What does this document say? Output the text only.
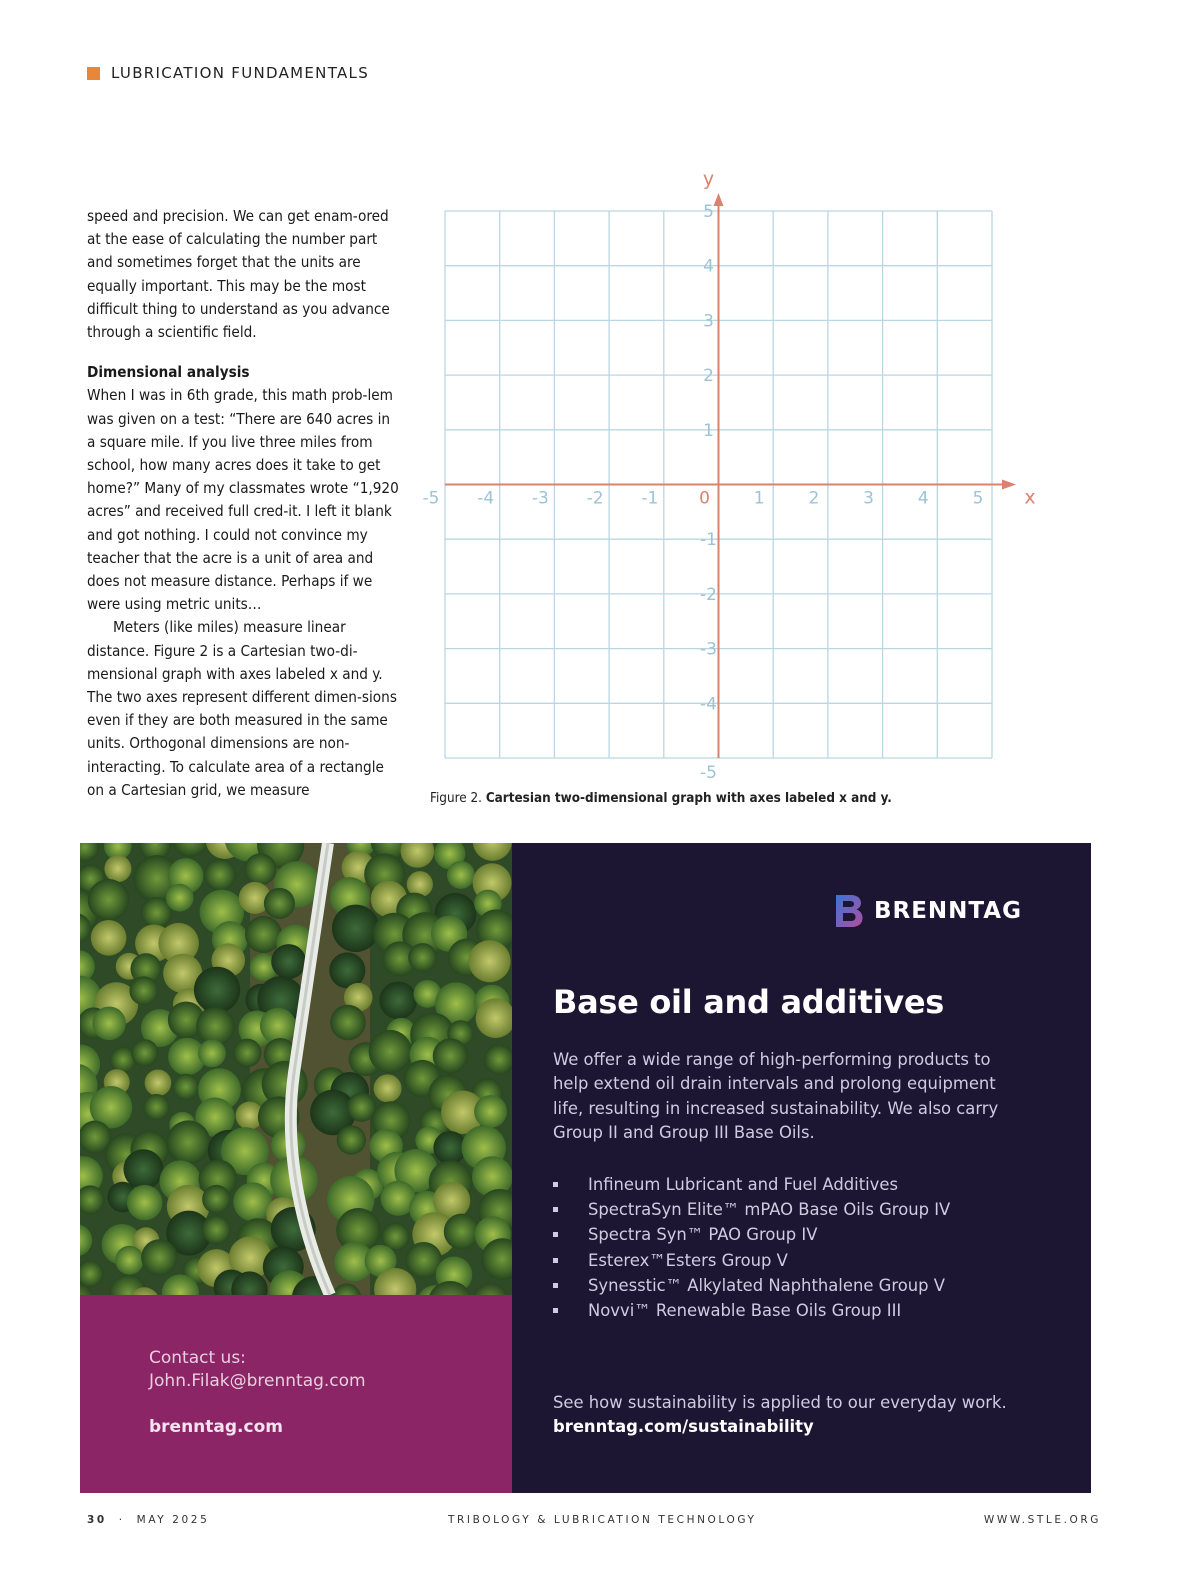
LUBRICATION FUNDAMENTALS

speed and precision. We can get enam-ored at the ease of calculating the number part and sometimes forget that the units are equally important. This may be the most difficult thing to understand as you advance through a scientific field.

Dimensional analysis

When I was in 6th grade, this math prob-lem was given on a test: “There are 640 acres in a square mile. If you live three miles from school, how many acres does it take to get home?” Many of my classmates wrote “1,920 acres” and received full cred-it. I left it blank and got nothing. I could not convince my teacher that the acre is a unit of area and does not measure distance. Perhaps if we were using metric units…

Meters (like miles) measure linear distance. Figure 2 is a Cartesian two-di-mensional graph with axes labeled x and y. The two axes represent different dimen-sions even if they are both measured in the same units. Orthogonal dimensions are non-interacting. To calculate area of a rectangle on a Cartesian grid, we measure

-5 -4 -3 -2 -1 0	1	2	3	4	5
5
4
3
2
1
-1
-2
-3
-4
-5
x
y
Figure 2. Cartesian two-dimensional graph with axes labeled x and y.
Contact us:
John.Filak@brenntag.com
brenntag.com
BRENNTAG
Base oil and additives

We offer a wide range of high-performing products to help extend oil drain intervals and prolong equipment life, resulting in increased sustainability. We also carry Group II and Group III Base Oils.

Infineum Lubricant and Fuel Additives
SpectraSyn Elite™ mPAO Base Oils Group IV
Spectra Syn™ PAO Group IV
Esterex™Esters Group V
Synesstic™ Alkylated Naphthalene Group V
Novvi™ Renewable Base Oils Group III
See how sustainability is applied to our everyday work.
brenntag.com/sustainability
30 · MAY 2025	TRIBOLOGY & LUBRICATION TECHNOLOGY	WWW.STLE.ORG
